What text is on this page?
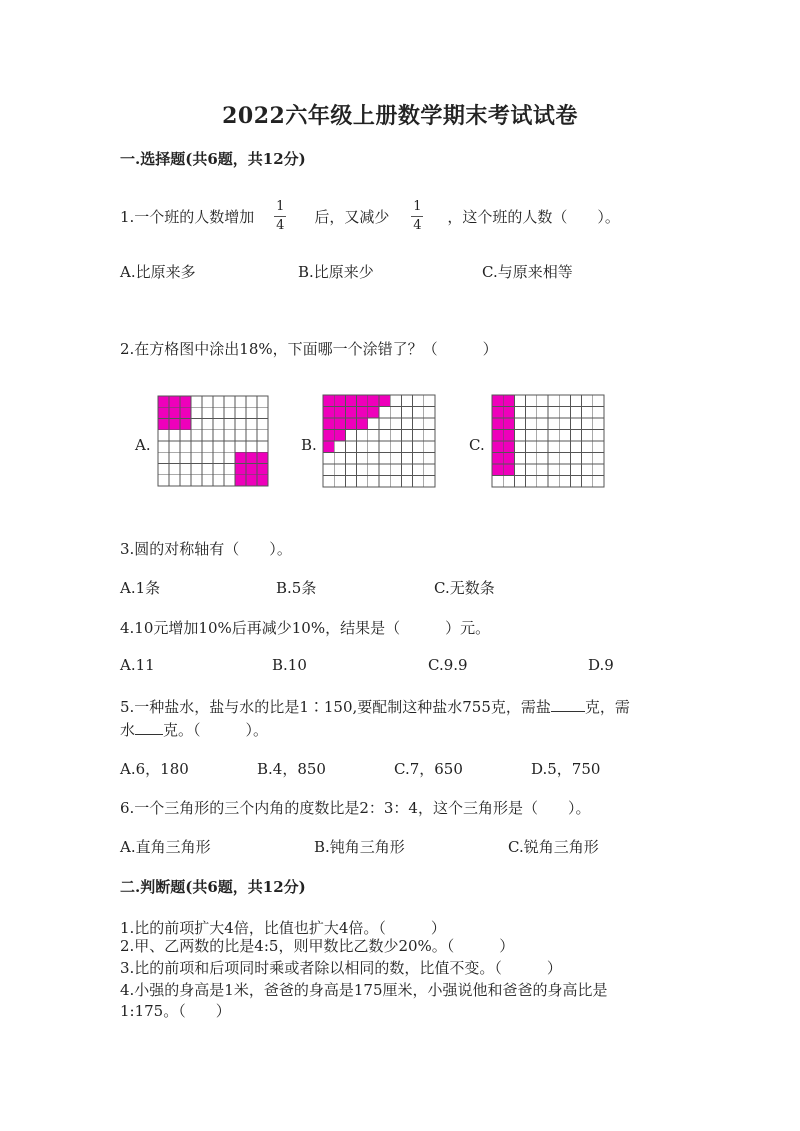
2022六年级上册数学期末考试试卷
一.选择题(共6题，共12分)
1.一个班的人数增加 $\frac{1}{4}$ 后，又减少 $\frac{1}{4}$ ，这个班的人数（　　）。
A.比原来多	B.比原来少	C.与原来相等
2.在方格图中涂出18%，下面哪一个涂错了？（　　　）
A.	B.	C.
3.圆的对称轴有（　　）。
A.1条	B.5条	C.无数条
4.10元增加10%后再减少10%，结果是（　　　）元。
A.11	B.10	C.9.9	D.9
5.一种盐水，盐与水的比是1∶150,要配制这种盐水755克，需盐 克，需
水 克。（　　　）。
A.6，180	B.4，850	C.7，650	D.5，750
6.一个三角形的三个内角的度数比是2：3：4，这个三角形是（　　）。
A.直角三角形	B.钝角三角形	C.锐角三角形
二.判断题(共6题，共12分)
1.比的前项扩大4倍，比值也扩大4倍。（　　　）
2.甲、乙两数的比是4:5，则甲数比乙数少20%。（　　　）
3.比的前项和后项同时乘或者除以相同的数，比值不变。（　　　）
4.小强的身高是1米，爸爸的身高是175厘米，小强说他和爸爸的身高比是
1:175。（　　）
